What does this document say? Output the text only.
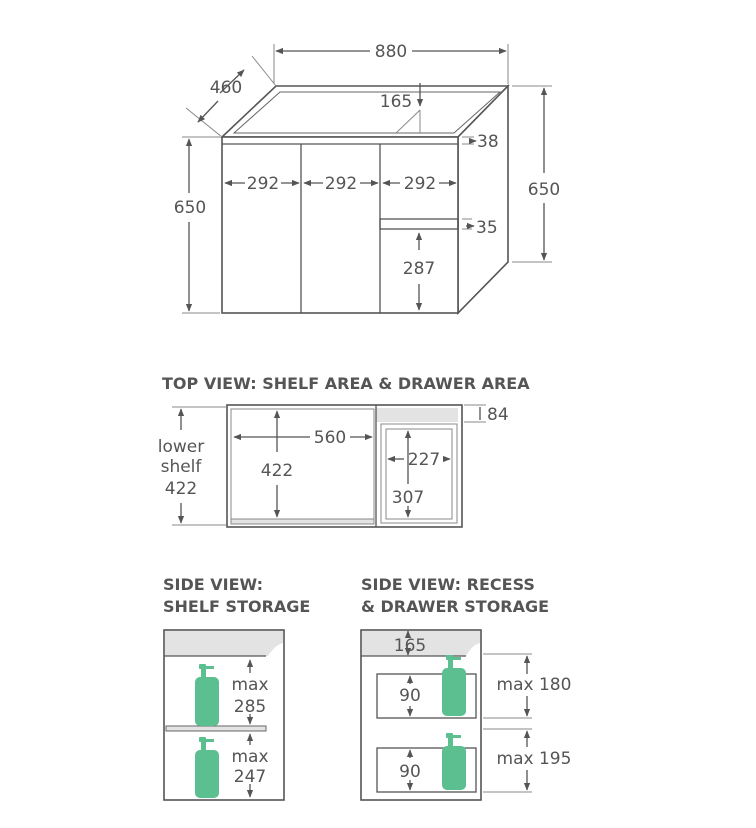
880
460
165
38
650
650
292	292	292
35
287
TOP VIEW: SHELF AREA & DRAWER AREA
lower
shelf
422
560
422
84
227
307
SIDE VIEW:
SHELF STORAGE
max
285
max
247
SIDE VIEW: RECESS
& DRAWER STORAGE
165
90
90
max 180
max 195
